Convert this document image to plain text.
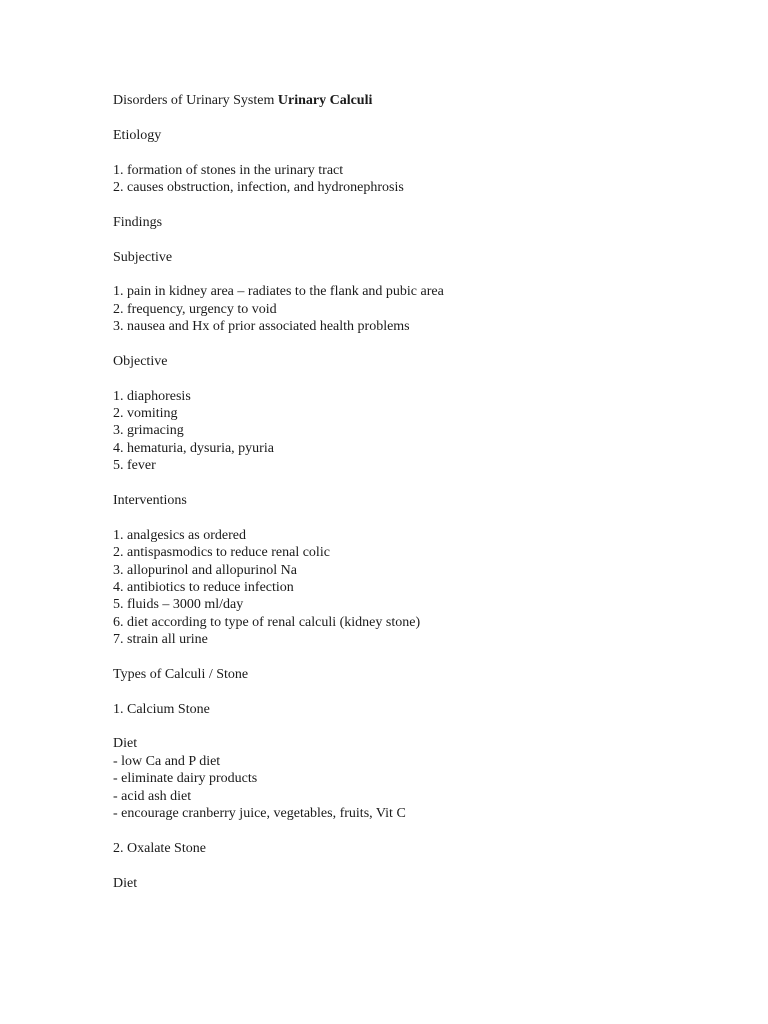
Disorders of Urinary System Urinary Calculi
Etiology
1. formation of stones in the urinary tract
2. causes obstruction, infection, and hydronephrosis
Findings
Subjective
1. pain in kidney area – radiates to the flank and pubic area
2. frequency, urgency to void
3. nausea and Hx of prior associated health problems
Objective
1. diaphoresis
2. vomiting
3. grimacing
4. hematuria, dysuria, pyuria
5. fever
Interventions
1. analgesics as ordered
2. antispasmodics to reduce renal colic
3. allopurinol and allopurinol Na
4. antibiotics to reduce infection
5. fluids – 3000 ml/day
6. diet according to type of renal calculi (kidney stone)
7. strain all urine
Types of Calculi / Stone
1. Calcium Stone
Diet
- low Ca and P diet
- eliminate dairy products
- acid ash diet
- encourage cranberry juice, vegetables, fruits, Vit C
2. Oxalate Stone
Diet
